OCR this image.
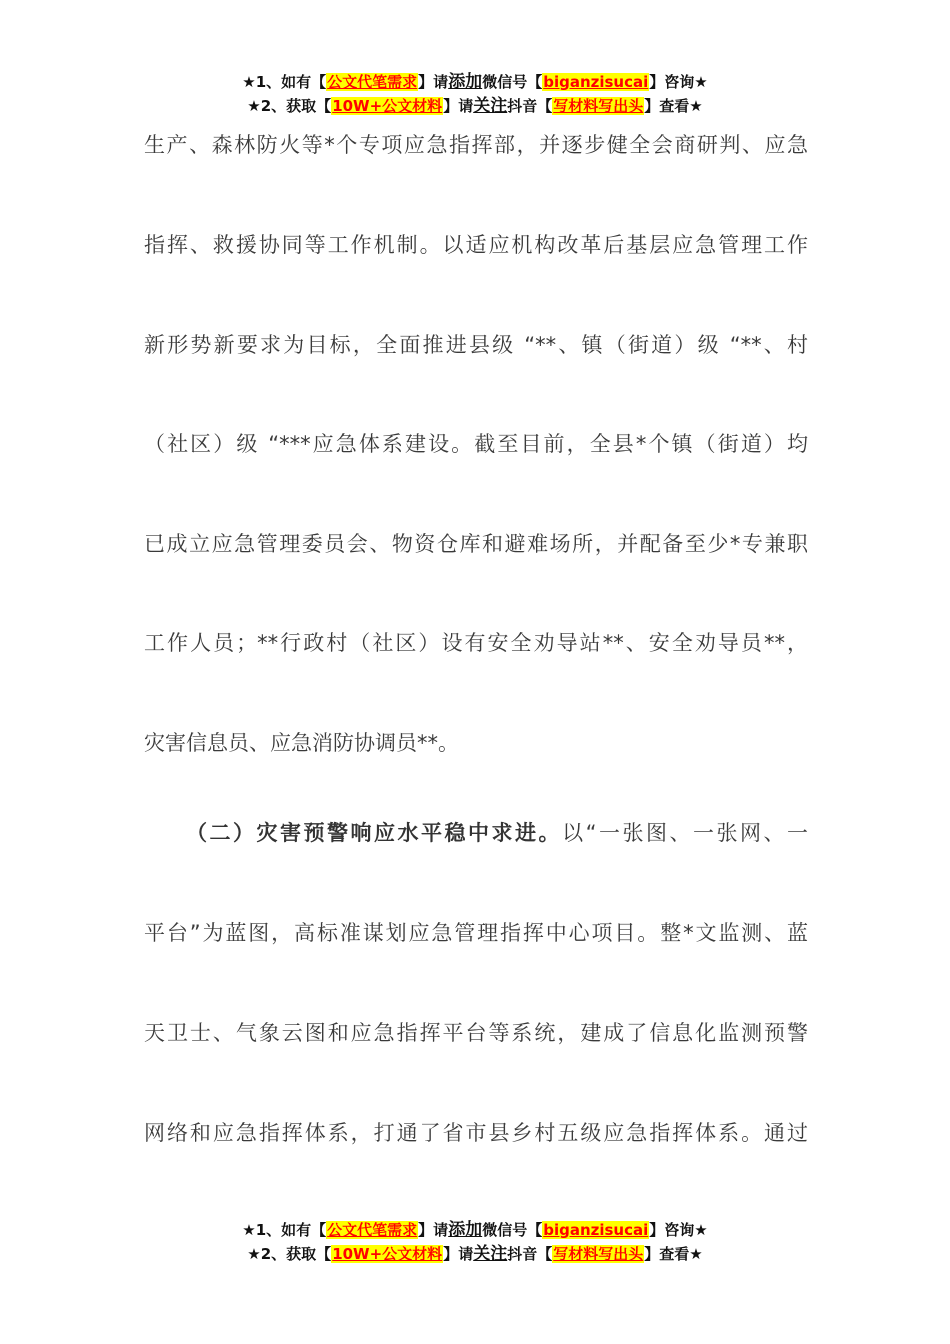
★1、如有【公文代笔需求】请添加微信号【biganzisucai】咨询★
★2、获取【10W+公文材料】请关注抖音【写材料写出头】查看★
生产、森林防火等*个专项应急指挥部，并逐步健全会商研判、应急
指挥、救援协同等工作机制。以适应机构改革后基层应急管理工作
新形势新要求为目标，全面推进县级 “**、镇（街道）级 “**、村
（社区）级 “***应急体系建设。截至目前，全县*个镇（街道）均
已成立应急管理委员会、物资仓库和避难场所，并配备至少*专兼职
工作人员；**行政村（社区）设有安全劝导站**、安全劝导员**，
灾害信息员、应急消防协调员**。
（二）灾害预警响应水平稳中求进。以“一张图、一张网、一
平台”为蓝图，高标准谋划应急管理指挥中心项目。整*文监测、蓝
天卫士、气象云图和应急指挥平台等系统，建成了信息化监测预警
网络和应急指挥体系，打通了省市县乡村五级应急指挥体系。通过
★1、如有【公文代笔需求】请添加微信号【biganzisucai】咨询★
★2、获取【10W+公文材料】请关注抖音【写材料写出头】查看★
